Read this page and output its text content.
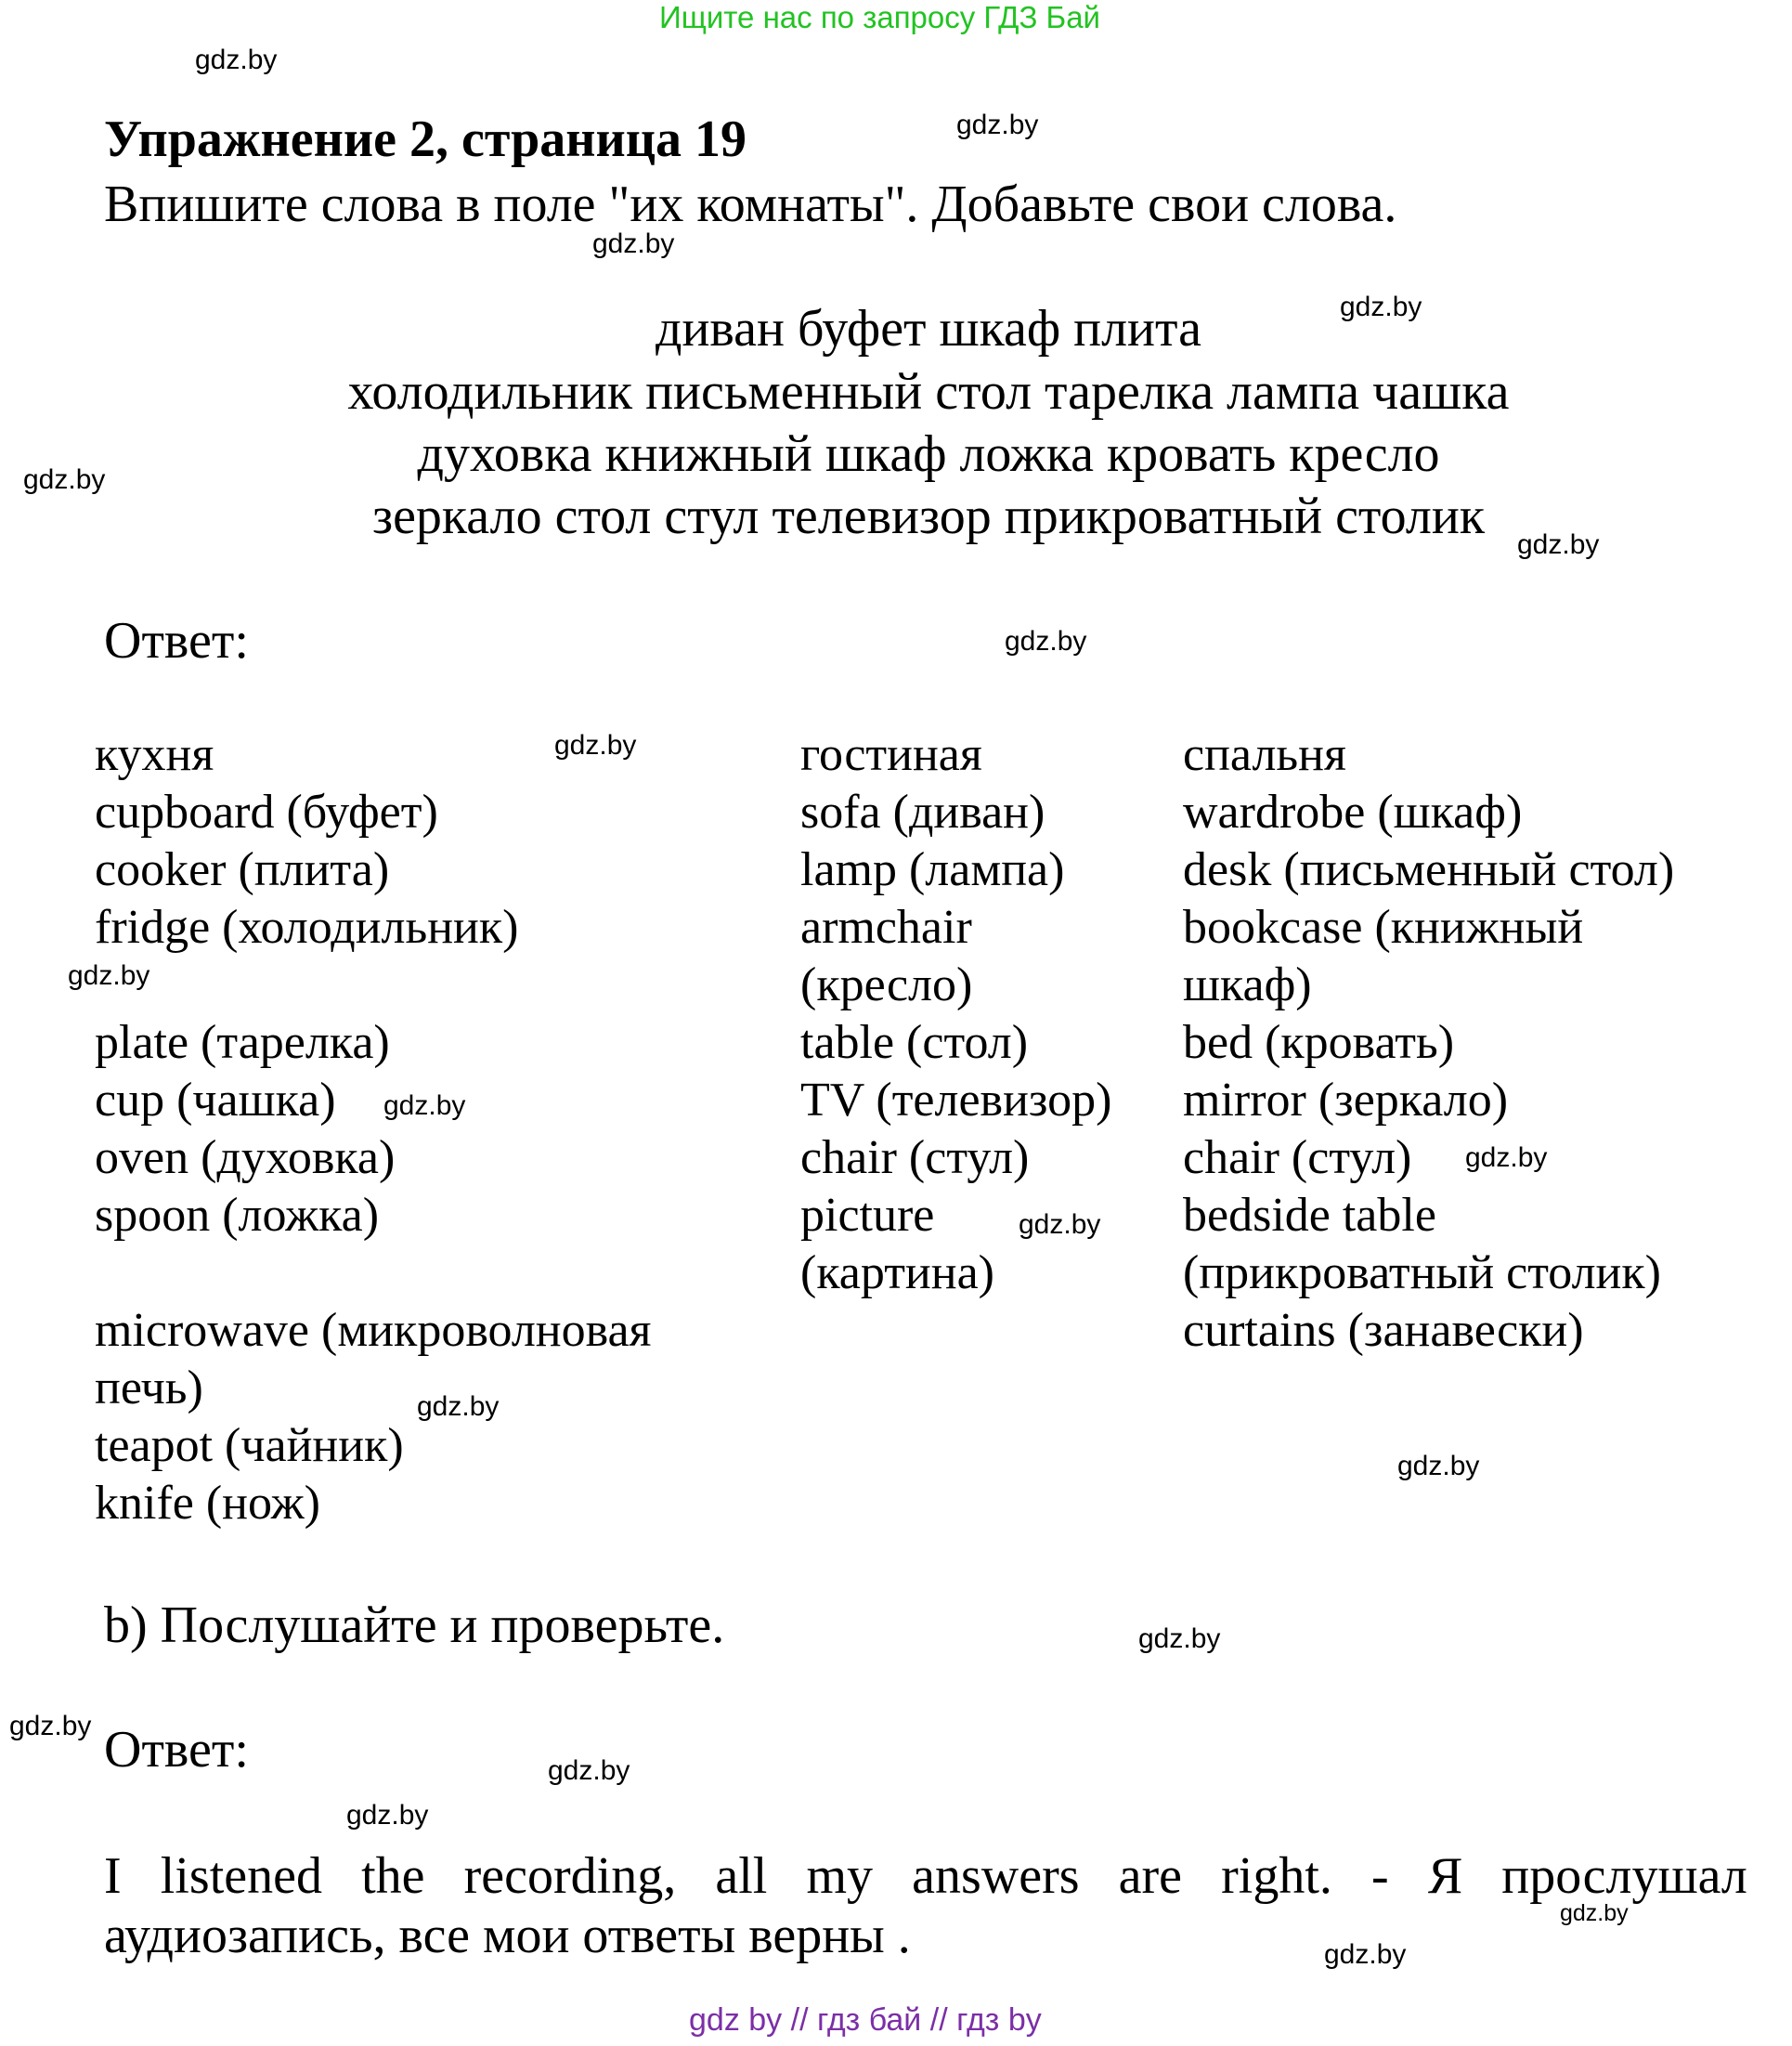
Ищите нас по запросу ГДЗ Бай
Упражнение 2, страница 19
Впишите слова в поле "их комнаты". Добавьте свои слова.
диван буфет шкаф плита
холодильник письменный стол тарелка лампа чашка
духовка книжный шкаф ложка кровать кресло
зеркало стол стул телевизор прикроватный столик
Ответ:
кухня
cupboard (буфет)
cooker (плита)
fridge (холодильник)
plate (тарелка)
cup (чашка)
oven (духовка)
spoon (ложка)
microwave (микроволновая
печь)
teapot (чайник)
knife (нож)
гостиная
sofa (диван)
lamp (лампа)
armchair
(кресло)
table (стол)
TV (телевизор)
chair (стул)
picture
(картина)
спальня
wardrobe (шкаф)
desk (письменный стол)
bookcase (книжный
шкаф)
bed (кровать)
mirror (зеркало)
chair (стул)
bedside table
(прикроватный столик)
curtains (занавески)
b) Послушайте и проверьте.
Ответ:
I listened the recording, all my answers are right. - Я прослушал
аудиозапись, все мои ответы верны .
gdz.by
gdz.by
gdz.by
gdz.by
gdz.by
gdz.by
gdz.by
gdz.by
gdz.by
gdz.by
gdz.by
gdz.by
gdz.by
gdz.by
gdz.by
gdz.by
gdz.by
gdz.by
gdz.by
gdz.by
gdz by // гдз бай // гдз by
